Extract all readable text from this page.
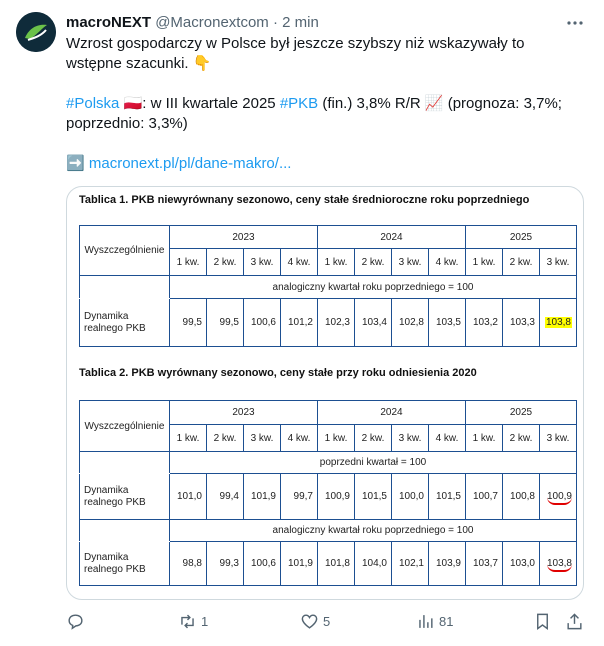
macroNEXT @Macronextcom · 2 min
Wzrost gospodarczy w Polsce był jeszcze szybszy niż wskazywały to
wstępne szacunki. 👇
#Polska 🇵🇱: w III kwartale 2025 #PKB (fin.) 3,8% R/R 📈 (prognoza: 3,7%;
poprzednio: 3,3%)
➡️ macronext.pl/pl/dane-makro/...
Tablica 1. PKB niewyrównany sezonowo, ceny stałe średnioroczne roku poprzedniego
Wyszczególnienie	2023				2024				2025		
	1 kw.	2 kw.	3 kw.	4 kw.	1 kw.	2 kw.	3 kw.	4 kw.	1 kw.	2 kw.	3 kw.
	analogiczny kwartał roku poprzedniego = 100										
Dynamika
realnego PKB	99,5	99,5	100,6	101,2	102,3	103,4	102,8	103,5	103,2	103,3	103,8
Tablica 2. PKB wyrównany sezonowo, ceny stałe przy roku odniesienia 2020
Wyszczególnienie	2023				2024				2025		
	1 kw.	2 kw.	3 kw.	4 kw.	1 kw.	2 kw.	3 kw.	4 kw.	1 kw.	2 kw.	3 kw.
	poprzedni kwartał = 100										
Dynamika
realnego PKB	101,0	99,4	101,9	99,7	100,9	101,5	100,0	101,5	100,7	100,8	100,9
	analogiczny kwartał roku poprzedniego = 100										
Dynamika
realnego PKB	98,8	99,3	100,6	101,9	101,8	104,0	102,1	103,9	103,7	103,0	103,8
1	5	81
